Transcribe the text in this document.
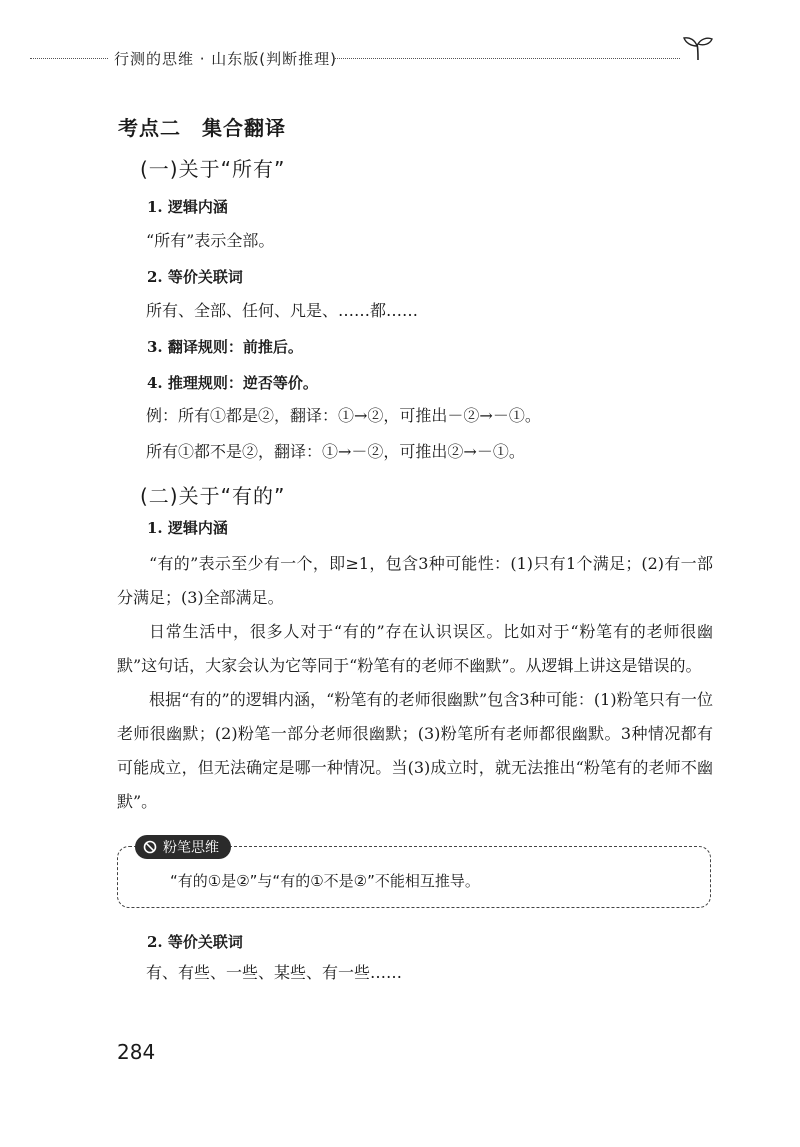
行测的思维 · 山东版(判断推理)
考点二　集合翻译
(一)关于“所有”
1. 逻辑内涵
“所有”表示全部。
2. 等价关联词
所有、全部、任何、凡是、……都……
3. 翻译规则：前推后。
4. 推理规则：逆否等价。
例：所有①都是②，翻译：①→②，可推出－②→－①。
所有①都不是②，翻译：①→－②，可推出②→－①。
(二)关于“有的”
1. 逻辑内涵
“有的”表示至少有一个，即≥1，包含3种可能性：(1)只有1个满足；(2)有一部分满足；(3)全部满足。
日常生活中，很多人对于“有的”存在认识误区。比如对于“粉笔有的老师很幽默”这句话，大家会认为它等同于“粉笔有的老师不幽默”。从逻辑上讲这是错误的。
根据“有的”的逻辑内涵，“粉笔有的老师很幽默”包含3种可能：(1)粉笔只有一位老师很幽默；(2)粉笔一部分老师很幽默；(3)粉笔所有老师都很幽默。3种情况都有可能成立，但无法确定是哪一种情况。当(3)成立时，就无法推出“粉笔有的老师不幽默”。
粉笔思维
“有的①是②”与“有的①不是②”不能相互推导。
2. 等价关联词
有、有些、一些、某些、有一些……
284
